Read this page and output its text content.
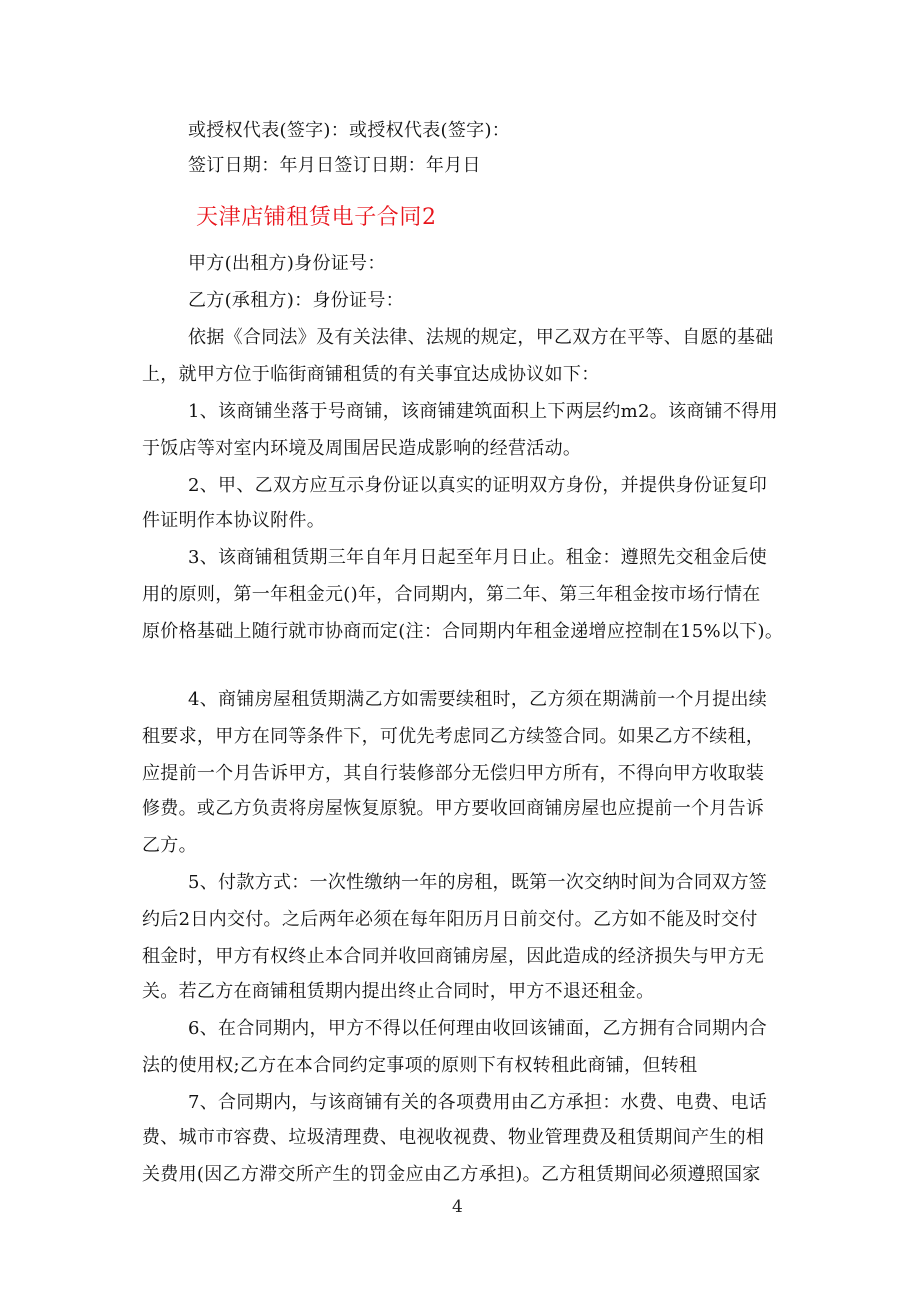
或授权代表(签字)：或授权代表(签字)：
签订日期：年月日签订日期：年月日
天津店铺租赁电子合同2
甲方(出租方)身份证号：
乙方(承租方)：身份证号：
依据《合同法》及有关法律、法规的规定，甲乙双方在平等、自愿的基础
上，就甲方位于临街商铺租赁的有关事宜达成协议如下：
1、该商铺坐落于号商铺，该商铺建筑面积上下两层约m2。该商铺不得用
于饭店等对室内环境及周围居民造成影响的经营活动。
2、甲、乙双方应互示身份证以真实的证明双方身份，并提供身份证复印
件证明作本协议附件。
3、该商铺租赁期三年自年月日起至年月日止。租金：遵照先交租金后使
用的原则，第一年租金元()年，合同期内，第二年、第三年租金按市场行情在
原价格基础上随行就市协商而定(注：合同期内年租金递增应控制在15%以下)。
4、商铺房屋租赁期满乙方如需要续租时，乙方须在期满前一个月提出续
租要求，甲方在同等条件下，可优先考虑同乙方续签合同。如果乙方不续租，
应提前一个月告诉甲方，其自行装修部分无偿归甲方所有，不得向甲方收取装
修费。或乙方负责将房屋恢复原貌。甲方要收回商铺房屋也应提前一个月告诉
乙方。
5、付款方式：一次性缴纳一年的房租，既第一次交纳时间为合同双方签
约后2日内交付。之后两年必须在每年阳历月日前交付。乙方如不能及时交付
租金时，甲方有权终止本合同并收回商铺房屋，因此造成的经济损失与甲方无
关。若乙方在商铺租赁期内提出终止合同时，甲方不退还租金。
6、在合同期内，甲方不得以任何理由收回该铺面，乙方拥有合同期内合
法的使用权;乙方在本合同约定事项的原则下有权转租此商铺，但转租
7、合同期内，与该商铺有关的各项费用由乙方承担：水费、电费、电话
费、城市市容费、垃圾清理费、电视收视费、物业管理费及租赁期间产生的相
关费用(因乙方滞交所产生的罚金应由乙方承担)。乙方租赁期间必须遵照国家
4
